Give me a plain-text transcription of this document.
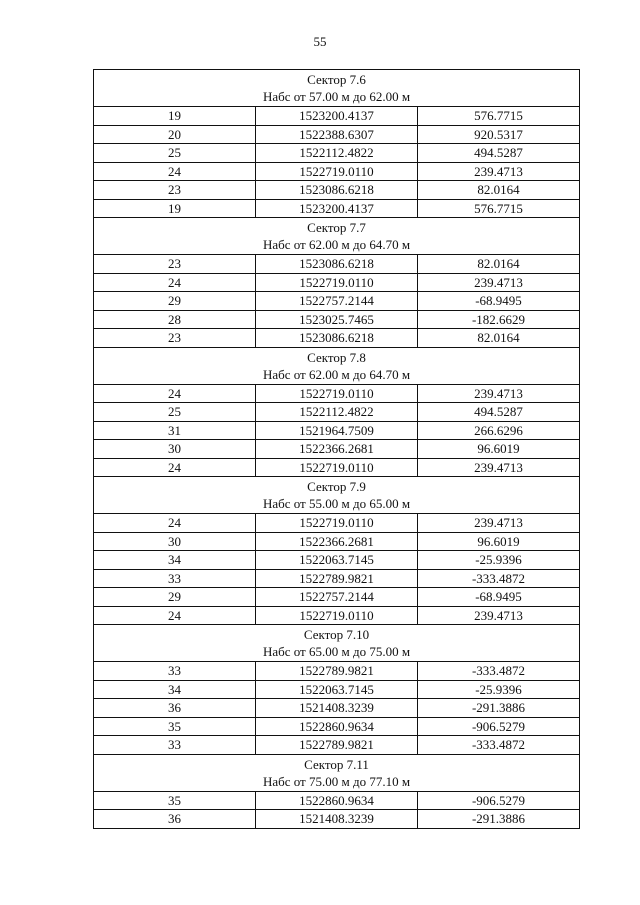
55
Сектор 7.6
Набс от 57.00 м до 62.00 м		

19	1523200.4137	576.7715
20	1522388.6307	920.5317
25	1522112.4822	494.5287
24	1522719.0110	239.4713
23	1523086.6218	82.0164
19	1523200.4137	576.7715

Сектор 7.7
Набс от 62.00 м до 64.70 м		

23	1523086.6218	82.0164
24	1522719.0110	239.4713
29	1522757.2144	-68.9495
28	1523025.7465	-182.6629
23	1523086.6218	82.0164

Сектор 7.8
Набс от 62.00 м до 64.70 м		

24	1522719.0110	239.4713
25	1522112.4822	494.5287
31	1521964.7509	266.6296
30	1522366.2681	96.6019
24	1522719.0110	239.4713

Сектор 7.9
Набс от 55.00 м до 65.00 м		

24	1522719.0110	239.4713
30	1522366.2681	96.6019
34	1522063.7145	-25.9396
33	1522789.9821	-333.4872
29	1522757.2144	-68.9495
24	1522719.0110	239.4713

Сектор 7.10
Набс от 65.00 м до 75.00 м		

33	1522789.9821	-333.4872
34	1522063.7145	-25.9396
36	1521408.3239	-291.3886
35	1522860.9634	-906.5279
33	1522789.9821	-333.4872

Сектор 7.11
Набс от 75.00 м до 77.10 м		

35	1522860.9634	-906.5279
36	1521408.3239	-291.3886
